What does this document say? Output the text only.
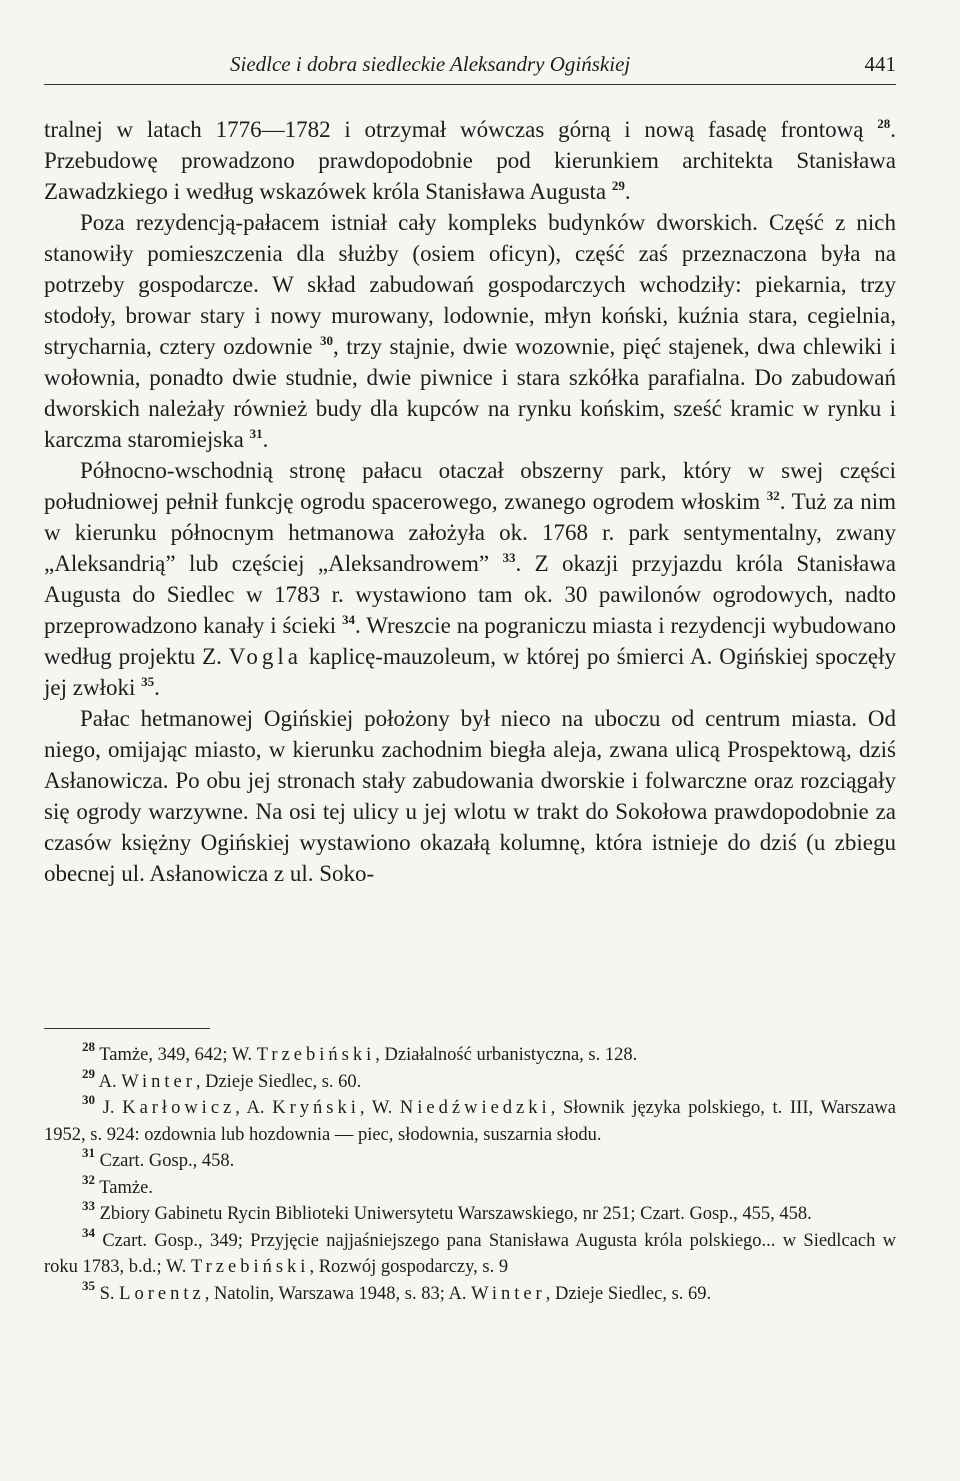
Siedlce i dobra siedleckie Aleksandry Ogińskiej	441

tralnej w latach 1776—1782 i otrzymał wówczas górną i nową fasadę frontową $^{28}$. Przebudowę prowadzono prawdopodobnie pod kierunkiem architekta Stanisława Zawadzkiego i według wskazówek króla Stanisława Augusta $^{29}$.

Poza rezydencją-pałacem istniał cały kompleks budynków dworskich. Część z nich stanowiły pomieszczenia dla służby (osiem oficyn), część zaś przeznaczona była na potrzeby gospodarcze. W skład zabudowań gospodarczych wchodziły: piekarnia, trzy stodoły, browar stary i nowy murowany, lodownie, młyn koński, kuźnia stara, cegielnia, strycharnia, cztery ozdownie $^{30}$, trzy stajnie, dwie wozownie, pięć stajenek, dwa chlewiki i wołownia, ponadto dwie studnie, dwie piwnice i stara szkółka parafialna. Do zabudowań dworskich należały również budy dla kupców na rynku końskim, sześć kramic w rynku i karczma staromiejska $^{31}$.

Północno-wschodnią stronę pałacu otaczał obszerny park, który w swej części południowej pełnił funkcję ogrodu spacerowego, zwanego ogrodem włoskim $^{32}$. Tuż za nim w kierunku północnym hetmanowa założyła ok. 1768 r. park sentymentalny, zwany „Aleksandrią” lub częściej „Aleksandrowem” $^{33}$. Z okazji przyjazdu króla Stanisława Augusta do Siedlec w 1783 r. wystawiono tam ok. 30 pawilonów ogrodowych, nadto przeprowadzono kanały i ścieki $^{34}$. Wreszcie na pograniczu miasta i rezydencji wybudowano według projektu Z. Vogla kaplicę-mauzoleum, w której po śmierci A. Ogińskiej spoczęły jej zwłoki $^{35}$.

Pałac hetmanowej Ogińskiej położony był nieco na uboczu od centrum miasta. Od niego, omijając miasto, w kierunku zachodnim biegła aleja, zwana ulicą Prospektową, dziś Asłanowicza. Po obu jej stronach stały zabudowania dworskie i folwarczne oraz rozciągały się ogrody warzywne. Na osi tej ulicy u jej wlotu w trakt do Sokołowa prawdopodobnie za czasów księżny Ogińskiej wystawiono okazałą kolumnę, która istnieje do dziś (u zbiegu obecnej ul. Asłanowicza z ul. Soko-

$^{28}$ Tamże, 349, 642; W. Trzebiński, Działalność urbanistyczna, s. 128.

$^{29}$ A. Winter, Dzieje Siedlec, s. 60.

$^{30}$ J. Karłowicz, A. Kryński, W. Niedźwiedzki, Słownik języka polskiego, t. III, Warszawa 1952, s. 924: ozdownia lub hozdownia — piec, słodownia, suszarnia słodu.

$^{31}$ Czart. Gosp., 458.

$^{32}$ Tamże.

$^{33}$ Zbiory Gabinetu Rycin Biblioteki Uniwersytetu Warszawskiego, nr 251; Czart. Gosp., 455, 458.

$^{34}$ Czart. Gosp., 349; Przyjęcie najjaśniejszego pana Stanisława Augusta króla polskiego... w Siedlcach w roku 1783, b.d.; W. Trzebiński, Rozwój gospodarczy, s. 9

$^{35}$ S. Lorentz, Natolin, Warszawa 1948, s. 83; A. Winter, Dzieje Siedlec, s. 69.
